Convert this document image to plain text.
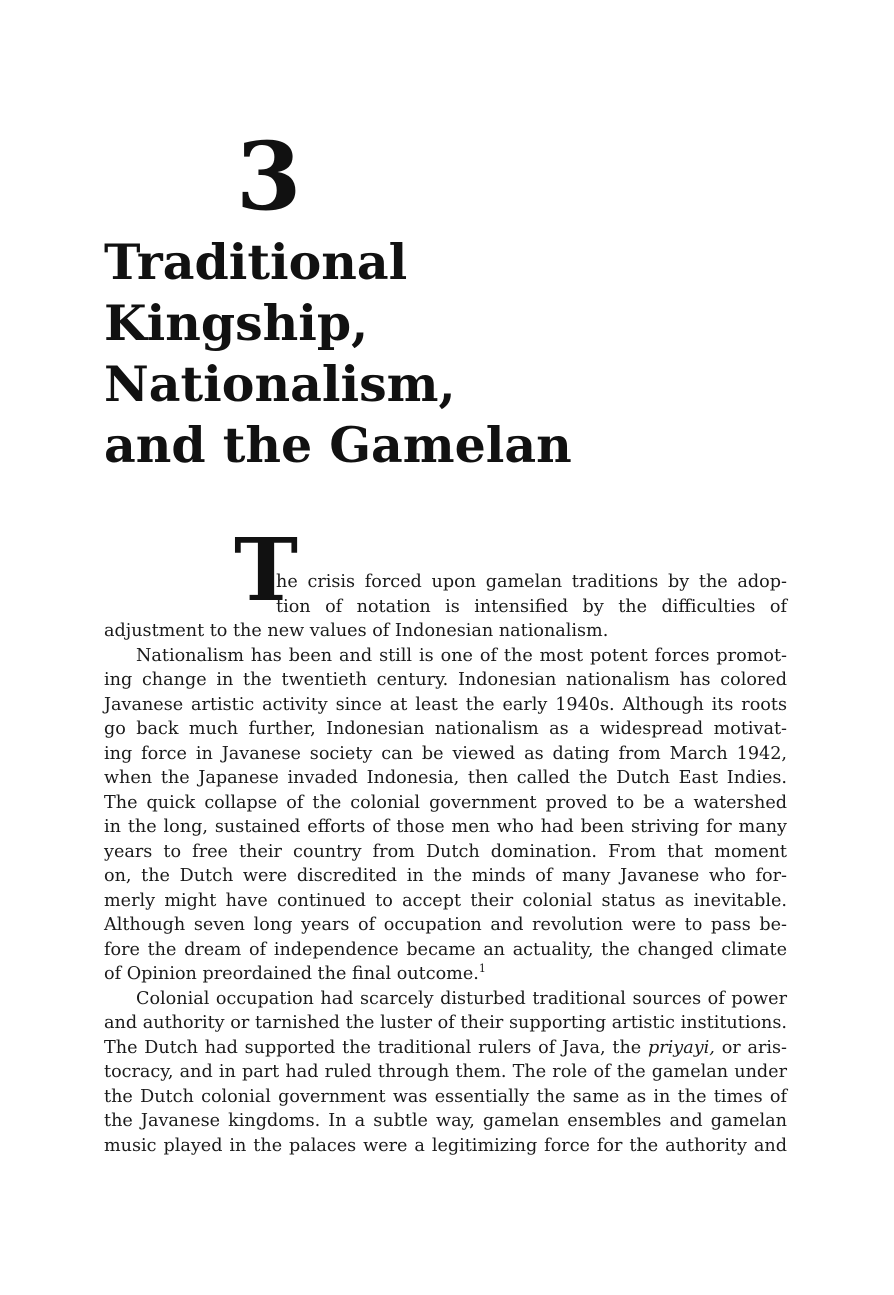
3
Traditional
Kingship,
Nationalism,
and the Gamelan
T
he crisis forced upon gamelan traditions by the adop-
tion of notation is intensified by the difficulties of
adjustment to the new values of Indonesian nationalism.
Nationalism has been and still is one of the most potent forces promot-
ing change in the twentieth century. Indonesian nationalism has colored
Javanese artistic activity since at least the early 1940s. Although its roots
go back much further, Indonesian nationalism as a widespread motivat-
ing force in Javanese society can be viewed as dating from March 1942,
when the Japanese invaded Indonesia, then called the Dutch East Indies.
The quick collapse of the colonial government proved to be a watershed
in the long, sustained efforts of those men who had been striving for many
years to free their country from Dutch domination. From that moment
on, the Dutch were discredited in the minds of many Javanese who for-
merly might have continued to accept their colonial status as inevitable.
Although seven long years of occupation and revolution were to pass be-
fore the dream of independence became an actuality, the changed climate
of Opinion preordained the final outcome.$^1$
Colonial occupation had scarcely disturbed traditional sources of power
and authority or tarnished the luster of their supporting artistic institutions.
The Dutch had supported the traditional rulers of Java, the priyayi, or aris-
tocracy, and in part had ruled through them. The role of the gamelan under
the Dutch colonial government was essentially the same as in the times of
the Javanese kingdoms. In a subtle way, gamelan ensembles and gamelan
music played in the palaces were a legitimizing force for the authority and
